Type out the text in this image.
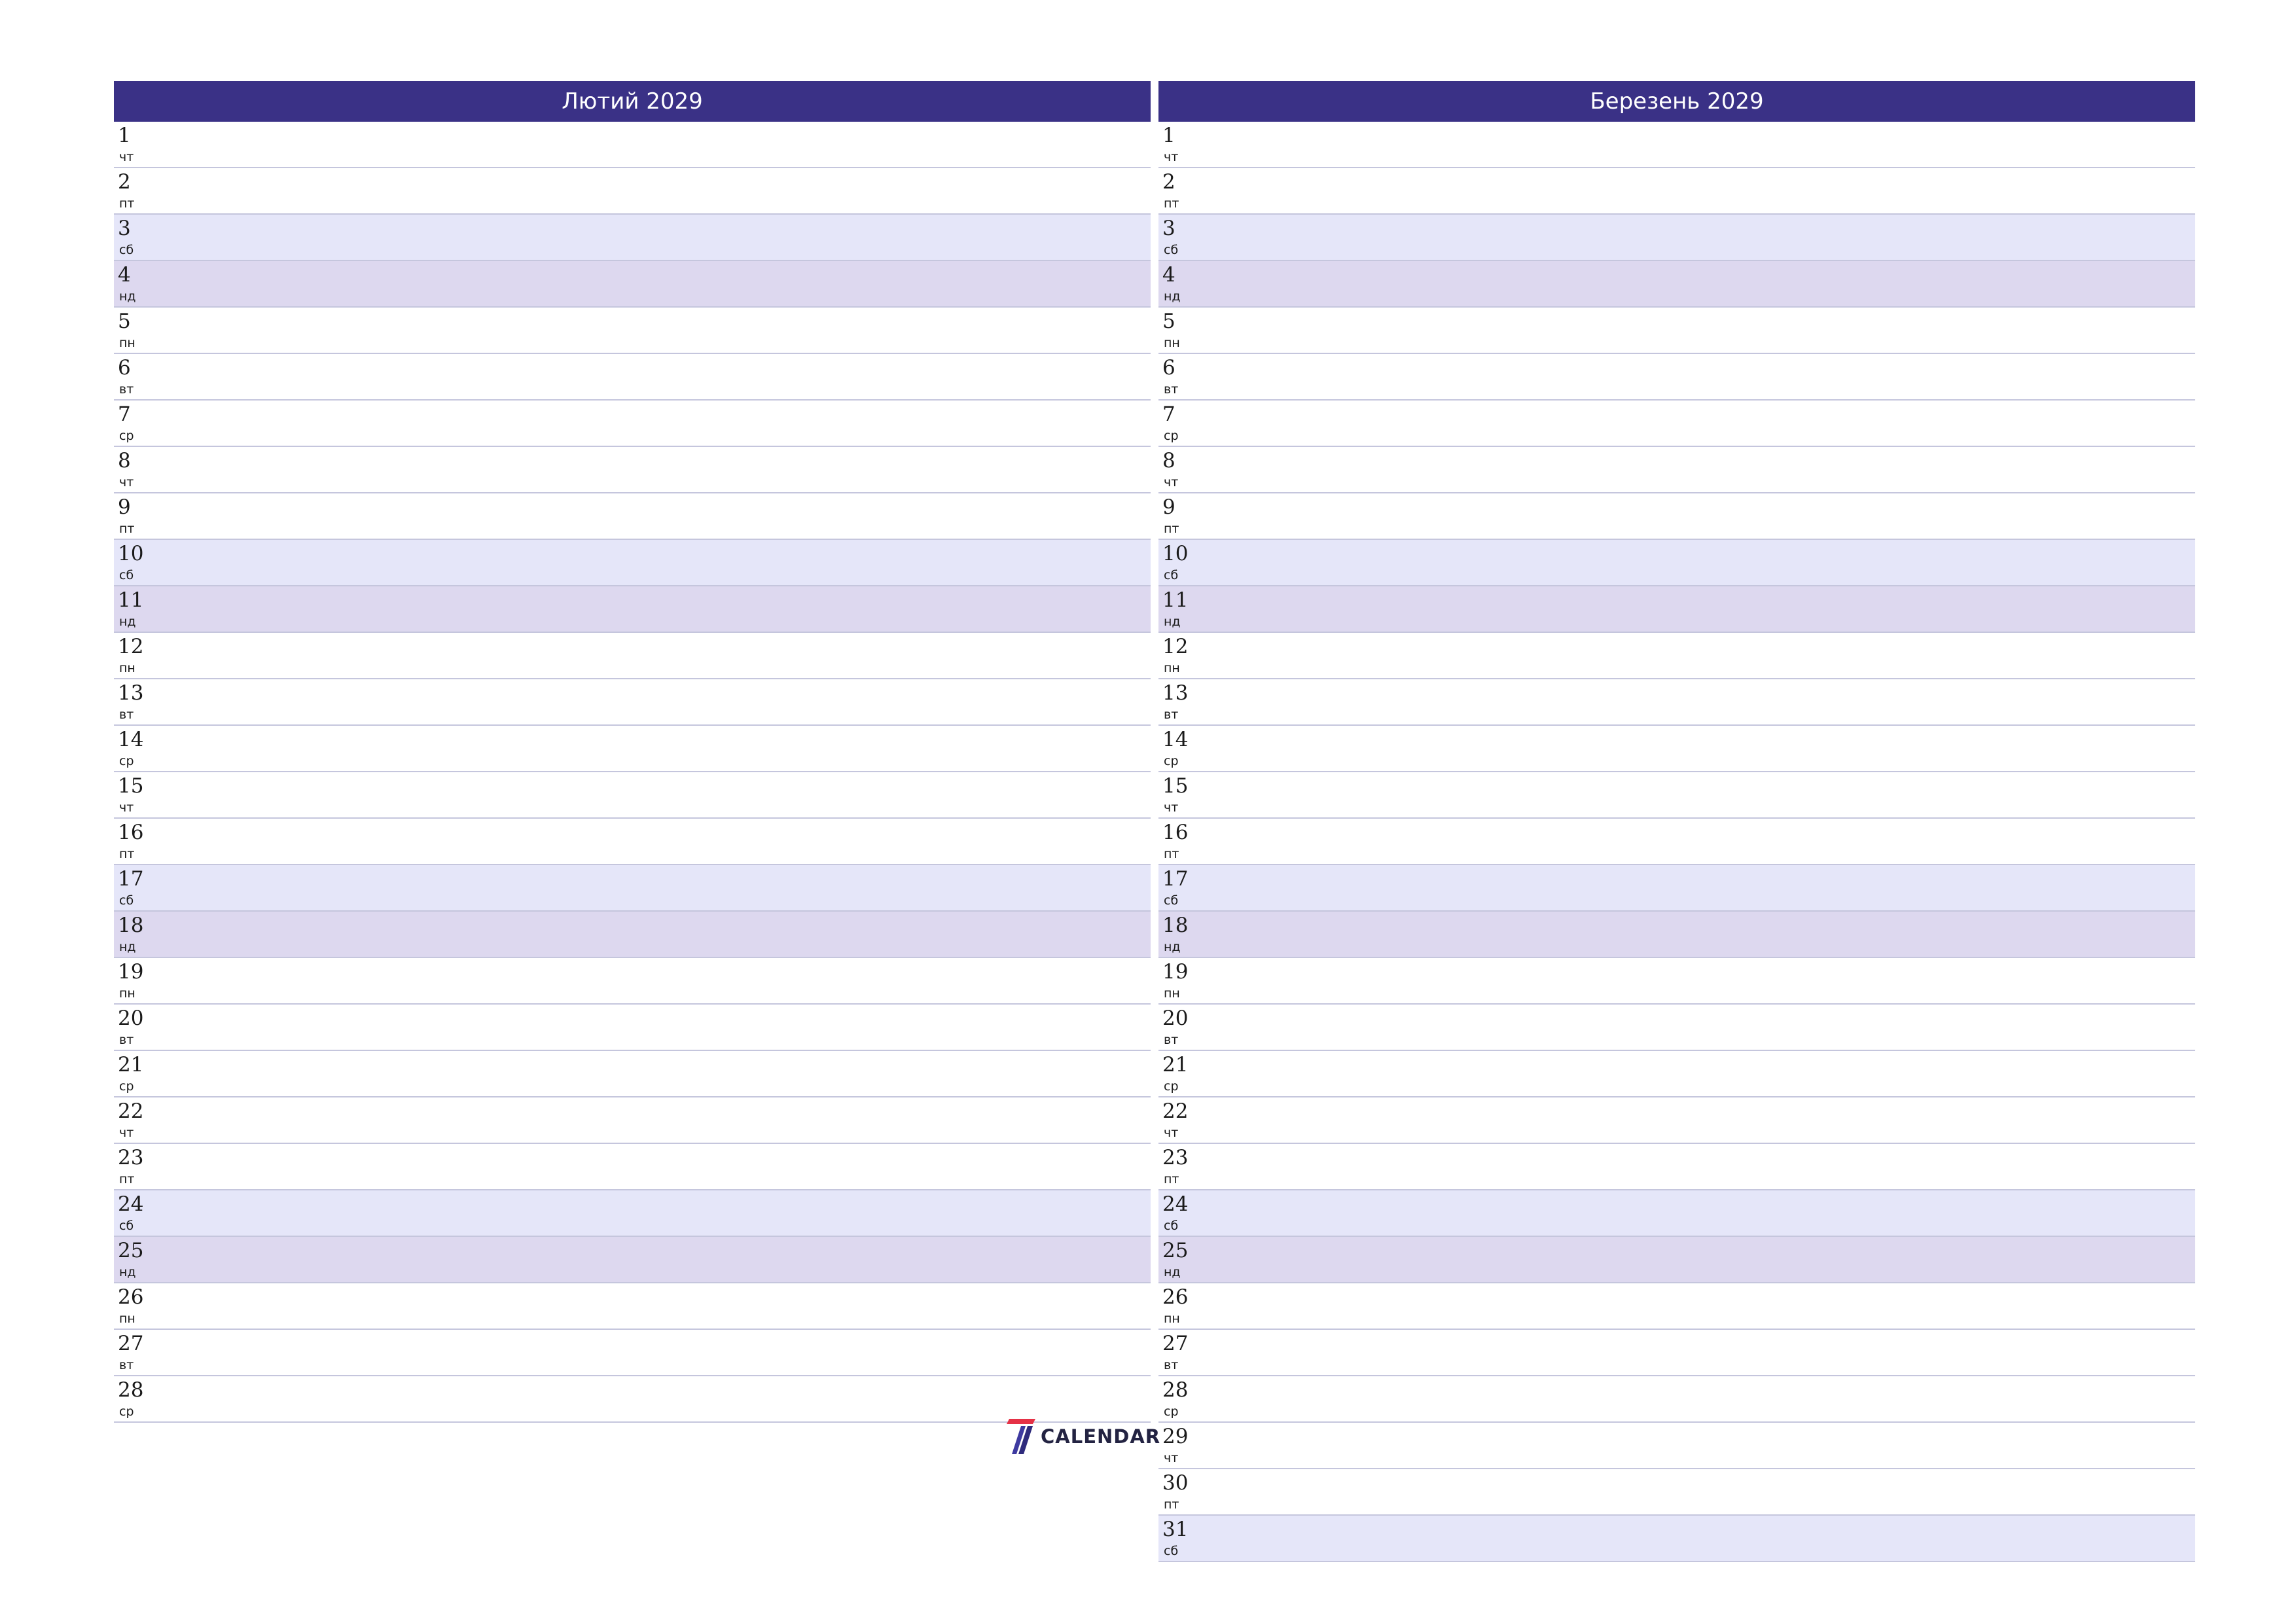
Лютий 2029
1
чт
2
пт
3
сб
4
нд
5
пн
6
вт
7
ср
8
чт
9
пт
10
сб
11
нд
12
пн
13
вт
14
ср
15
чт
16
пт
17
сб
18
нд
19
пн
20
вт
21
ср
22
чт
23
пт
24
сб
25
нд
26
пн
27
вт
28
ср
Березень 2029
1
чт
2
пт
3
сб
4
нд
5
пн
6
вт
7
ср
8
чт
9
пт
10
сб
11
нд
12
пн
13
вт
14
ср
15
чт
16
пт
17
сб
18
нд
19
пн
20
вт
21
ср
22
чт
23
пт
24
сб
25
нд
26
пн
27
вт
28
ср
29
чт
30
пт
31
сб
CALENDAR
